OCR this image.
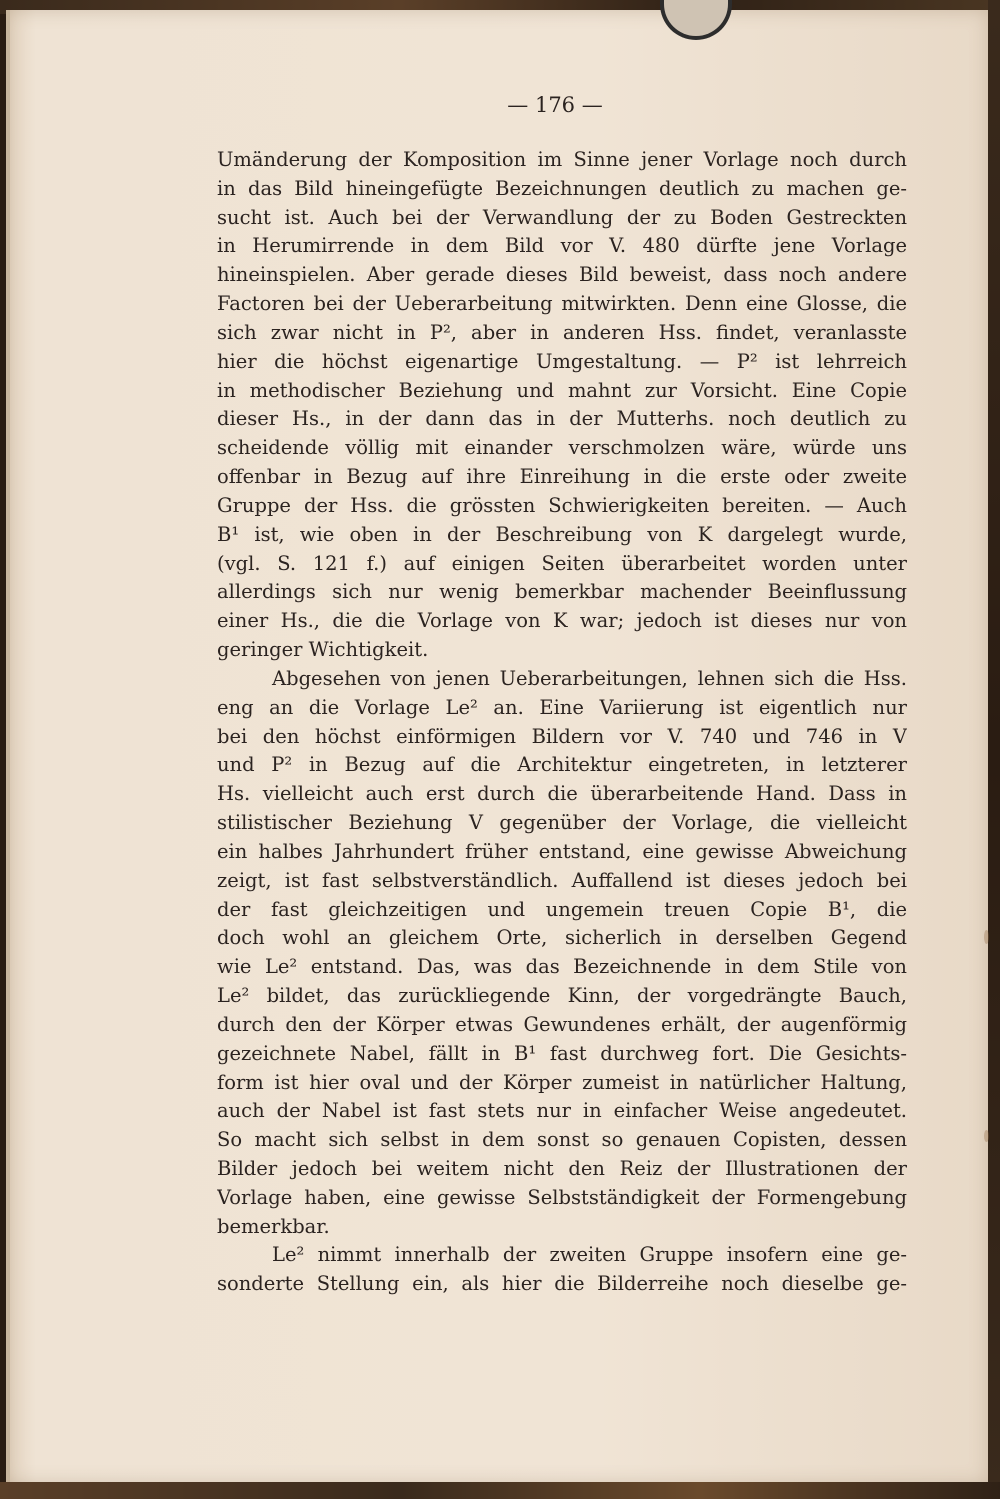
— 176 —
Umänderung der Komposition im Sinne jener Vorlage noch durch
in das Bild hineingefügte Bezeichnungen deutlich zu machen ge-
sucht ist. Auch bei der Verwandlung der zu Boden Gestreckten
in Herumirrende in dem Bild vor V. 480 dürfte jene Vorlage
hineinspielen. Aber gerade dieses Bild beweist, dass noch andere
Factoren bei der Ueberarbeitung mitwirkten. Denn eine Glosse, die
sich zwar nicht in P², aber in anderen Hss. findet, veranlasste
hier die höchst eigenartige Umgestaltung. — P² ist lehrreich
in methodischer Beziehung und mahnt zur Vorsicht. Eine Copie
dieser Hs., in der dann das in der Mutterhs. noch deutlich zu
scheidende völlig mit einander verschmolzen wäre, würde uns
offenbar in Bezug auf ihre Einreihung in die erste oder zweite
Gruppe der Hss. die grössten Schwierigkeiten bereiten. — Auch
B¹ ist, wie oben in der Beschreibung von K dargelegt wurde,
(vgl. S. 121 f.) auf einigen Seiten überarbeitet worden unter
allerdings sich nur wenig bemerkbar machender Beeinflussung
einer Hs., die die Vorlage von K war; jedoch ist dieses nur von
geringer Wichtigkeit.
Abgesehen von jenen Ueberarbeitungen, lehnen sich die Hss.
eng an die Vorlage Le² an. Eine Variierung ist eigentlich nur
bei den höchst einförmigen Bildern vor V. 740 und 746 in V
und P² in Bezug auf die Architektur eingetreten, in letzterer
Hs. vielleicht auch erst durch die überarbeitende Hand. Dass in
stilistischer Beziehung V gegenüber der Vorlage, die vielleicht
ein halbes Jahrhundert früher entstand, eine gewisse Abweichung
zeigt, ist fast selbstverständlich. Auffallend ist dieses jedoch bei
der fast gleichzeitigen und ungemein treuen Copie B¹, die
doch wohl an gleichem Orte, sicherlich in derselben Gegend
wie Le² entstand. Das, was das Bezeichnende in dem Stile von
Le² bildet, das zurückliegende Kinn, der vorgedrängte Bauch,
durch den der Körper etwas Gewundenes erhält, der augenförmig
gezeichnete Nabel, fällt in B¹ fast durchweg fort. Die Gesichts-
form ist hier oval und der Körper zumeist in natürlicher Haltung,
auch der Nabel ist fast stets nur in einfacher Weise angedeutet.
So macht sich selbst in dem sonst so genauen Copisten, dessen
Bilder jedoch bei weitem nicht den Reiz der Illustrationen der
Vorlage haben, eine gewisse Selbstständigkeit der Formengebung
bemerkbar.
Le² nimmt innerhalb der zweiten Gruppe insofern eine ge-
sonderte Stellung ein, als hier die Bilderreihe noch dieselbe ge-
